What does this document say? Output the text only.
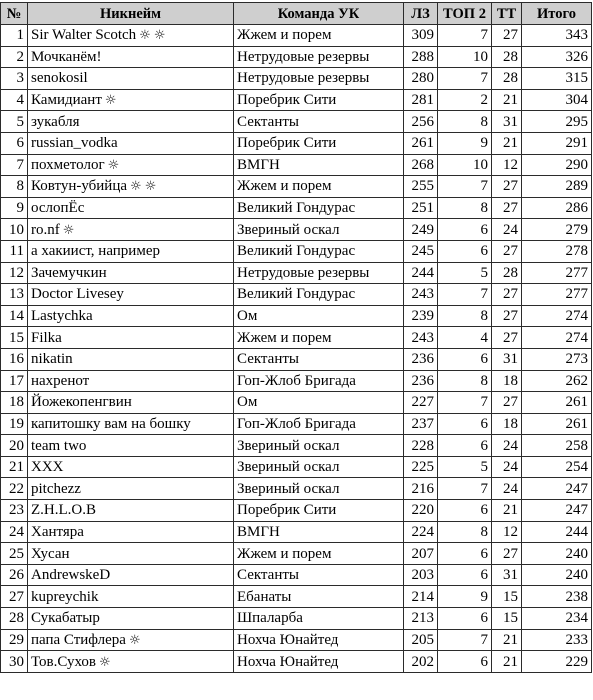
№	Никнейм	Команда УК	ЛЗ	ТОП 2	ТТ	Итого
1	Sir Walter Scotch ☼ ☼	Жжем и порем	309	7	27	343
2	Мочканём!	Нетрудовые резервы	288	10	28	326
3	senokosil	Нетрудовые резервы	280	7	28	315
4	Камидиант ☼	Поребрик Сити	281	2	21	304
5	зукабля	Сектанты	256	8	31	295
6	russian_vodka	Поребрик Сити	261	9	21	291
7	похметолог ☼	ВМГН	268	10	12	290
8	Ковтун-убийца ☼ ☼	Жжем и порем	255	7	27	289
9	ослопЁс	Великий Гондурас	251	8	27	286
10	ro.nf ☼	Звериный оскал	249	6	24	279
11	а хакиист, например	Великий Гондурас	245	6	27	278
12	Зачемучкин	Нетрудовые резервы	244	5	28	277
13	Doctor Livesey	Великий Гондурас	243	7	27	277
14	Lastychka	Ом	239	8	27	274
15	Filka	Жжем и порем	243	4	27	274
16	nikatin	Сектанты	236	6	31	273
17	нахренот	Гоп-Жлоб Бригада	236	8	18	262
18	Йожекопенгвин	Ом	227	7	27	261
19	капитошку вам на бошку	Гоп-Жлоб Бригада	237	6	18	261
20	team two	Звериный оскал	228	6	24	258
21	XXX	Звериный оскал	225	5	24	254
22	pitchezz	Звериный оскал	216	7	24	247
23	Z.H.L.O.B	Поребрик Сити	220	6	21	247
24	Хантяра	ВМГН	224	8	12	244
25	Хусан	Жжем и порем	207	6	27	240
26	AndrewskeD	Сектанты	203	6	31	240
27	kupreychik	Ебанаты	214	9	15	238
28	Сукабатыр	Шпаларба	213	6	15	234
29	папа Стифлера ☼	Нохча Юнайтед	205	7	21	233
30	Тов.Сухов ☼	Нохча Юнайтед	202	6	21	229
